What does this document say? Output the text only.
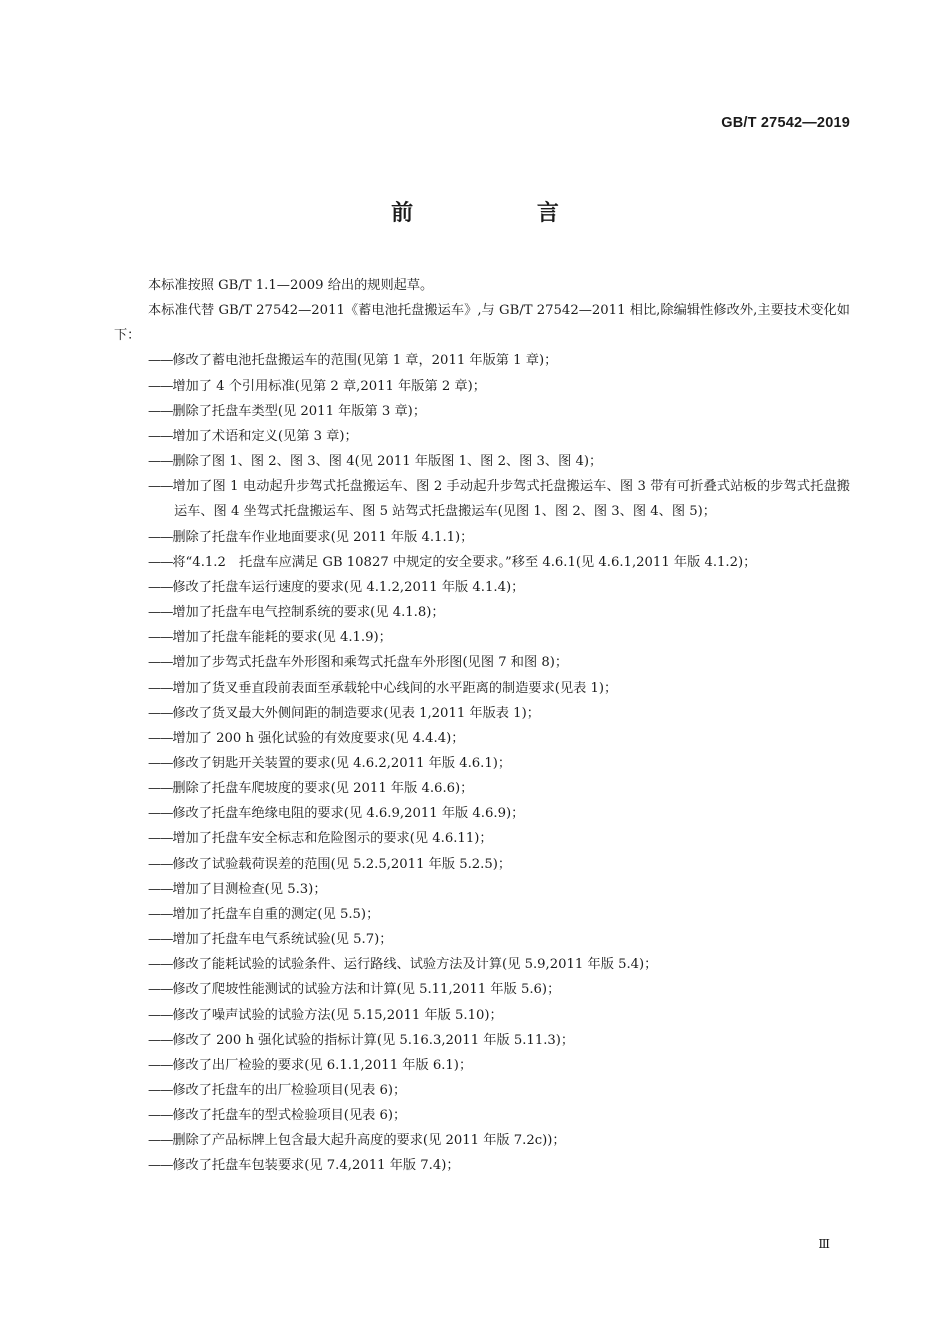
GB/T 27542—2019
前 言
本标准按照 GB/T 1.1—2009 给出的规则起草。
本标准代替 GB/T 27542—2011《蓄电池托盘搬运车》,与 GB/T 27542—2011 相比,除编辑性修改外,主要技术变化如下：
——修改了蓄电池托盘搬运车的范围(见第 1 章，2011 年版第 1 章)；
——增加了 4 个引用标准(见第 2 章,2011 年版第 2 章)；
——删除了托盘车类型(见 2011 年版第 3 章)；
——增加了术语和定义(见第 3 章)；
——删除了图 1、图 2、图 3、图 4(见 2011 年版图 1、图 2、图 3、图 4)；
——增加了图 1 电动起升步驾式托盘搬运车、图 2 手动起升步驾式托盘搬运车、图 3 带有可折叠式站板的步驾式托盘搬运车、图 4 坐驾式托盘搬运车、图 5 站驾式托盘搬运车(见图 1、图 2、图 3、图 4、图 5)；
——删除了托盘车作业地面要求(见 2011 年版 4.1.1)；
——将“4.1.2　托盘车应满足 GB 10827 中规定的安全要求。”移至 4.6.1(见 4.6.1,2011 年版 4.1.2)；
——修改了托盘车运行速度的要求(见 4.1.2,2011 年版 4.1.4)；
——增加了托盘车电气控制系统的要求(见 4.1.8)；
——增加了托盘车能耗的要求(见 4.1.9)；
——增加了步驾式托盘车外形图和乘驾式托盘车外形图(见图 7 和图 8)；
——增加了货叉垂直段前表面至承载轮中心线间的水平距离的制造要求(见表 1)；
——修改了货叉最大外侧间距的制造要求(见表 1,2011 年版表 1)；
——增加了 200 h 强化试验的有效度要求(见 4.4.4)；
——修改了钥匙开关装置的要求(见 4.6.2,2011 年版 4.6.1)；
——删除了托盘车爬坡度的要求(见 2011 年版 4.6.6)；
——修改了托盘车绝缘电阻的要求(见 4.6.9,2011 年版 4.6.9)；
——增加了托盘车安全标志和危险图示的要求(见 4.6.11)；
——修改了试验载荷误差的范围(见 5.2.5,2011 年版 5.2.5)；
——增加了目测检查(见 5.3)；
——增加了托盘车自重的测定(见 5.5)；
——增加了托盘车电气系统试验(见 5.7)；
——修改了能耗试验的试验条件、运行路线、试验方法及计算(见 5.9,2011 年版 5.4)；
——修改了爬坡性能测试的试验方法和计算(见 5.11,2011 年版 5.6)；
——修改了噪声试验的试验方法(见 5.15,2011 年版 5.10)；
——修改了 200 h 强化试验的指标计算(见 5.16.3,2011 年版 5.11.3)；
——修改了出厂检验的要求(见 6.1.1,2011 年版 6.1)；
——修改了托盘车的出厂检验项目(见表 6)；
——修改了托盘车的型式检验项目(见表 6)；
——删除了产品标牌上包含最大起升高度的要求(见 2011 年版 7.2c))；
——修改了托盘车包装要求(见 7.4,2011 年版 7.4)；
Ⅲ
